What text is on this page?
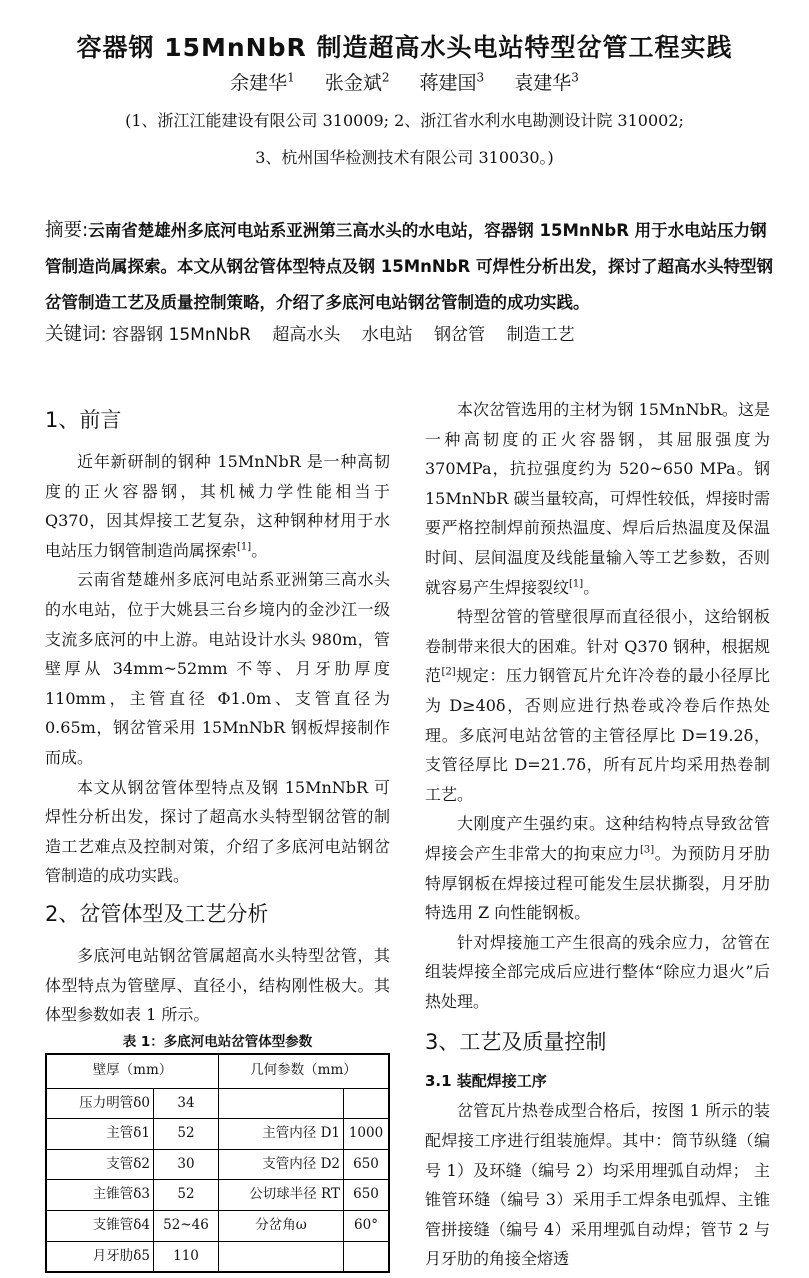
容器钢 15MnNbR 制造超高水头电站特型岔管工程实践
余建华$^1$ 张金斌$^2$ 蒋建国$^3$ 袁建华$^3$
(1、浙江江能建设有限公司 310009; 2、浙江省水利水电勘测设计院 310002;
3、杭州国华检测技术有限公司 310030。)
摘要:云南省楚雄州多底河电站系亚洲第三高水头的水电站，容器钢 15MnNbR 用于水电站压力钢管制造尚属探索。本文从钢岔管体型特点及钢 15MnNbR 可焊性分析出发，探讨了超高水头特型钢岔管制造工艺及质量控制策略，介绍了多底河电站钢岔管制造的成功实践。
关键词: 容器钢 15MnNbR 超高水头 水电站 钢岔管 制造工艺
1、前言

近年新研制的钢种 15MnNbR 是一种高韧度的正火容器钢，其机械力学性能相当于 Q370，因其焊接工艺复杂，这种钢种材用于水电站压力钢管制造尚属探索[1]。

云南省楚雄州多底河电站系亚洲第三高水头的水电站，位于大姚县三台乡境内的金沙江一级支流多底河的中上游。电站设计水头 980m，管壁厚从 34mm~52mm 不等、月牙肋厚度 110mm，主管直径 Φ1.0m、支管直径为 0.65m，钢岔管采用 15MnNbR 钢板焊接制作而成。

本文从钢岔管体型特点及钢 15MnNbR 可焊性分析出发，探讨了超高水头特型钢岔管的制造工艺难点及控制对策，介绍了多底河电站钢岔管制造的成功实践。

2、岔管体型及工艺分析

多底河电站钢岔管属超高水头特型岔管，其体型特点为管壁厚、直径小，结构刚性极大。其体型参数如表 1 所示。

表 1：多底河电站岔管体型参数
壁厚（mm）		几何参数（mm）	
压力明管δ0	34		
主管δ1	52	主管内径 D1	1000
支管δ2	30	支管内径 D2	650
主锥管δ3	52	公切球半径 RT	650
支锥管δ4	52~46	分岔角ω	60°
月牙肋δ5	110		

本次岔管选用的主材为钢 15MnNbR。这是一种高韧度的正火容器钢，其屈服强度为 370MPa，抗拉强度约为 520~650 MPa。钢 15MnNbR 碳当量较高，可焊性较低，焊接时需要严格控制焊前预热温度、焊后后热温度及保温时间、层间温度及线能量输入等工艺参数，否则就容易产生焊接裂纹[1]。

特型岔管的管壁很厚而直径很小，这给钢板卷制带来很大的困难。针对 Q370 钢种，根据规范[2]规定：压力钢管瓦片允许冷卷的最小径厚比为 D≥40δ，否则应进行热卷或冷卷后作热处理。多底河电站岔管的主管径厚比 D=19.2δ，支管径厚比 D=21.7δ，所有瓦片均采用热卷制工艺。

大刚度产生强约束。这种结构特点导致岔管焊接会产生非常大的拘束应力[3]。为预防月牙肋特厚钢板在焊接过程可能发生层状撕裂，月牙肋特选用 Z 向性能钢板。

针对焊接施工产生很高的残余应力，岔管在组装焊接全部完成后应进行整体“除应力退火”后热处理。

3、工艺及质量控制
3.1 装配焊接工序

岔管瓦片热卷成型合格后，按图 1 所示的装配焊接工序进行组装施焊。其中：筒节纵缝（编号 1）及环缝（编号 2）均采用埋弧自动焊； 主锥管环缝（编号 3）采用手工焊条电弧焊、主锥管拼接缝（编号 4）采用埋弧自动焊；管节 2 与月牙肋的角接全熔透
